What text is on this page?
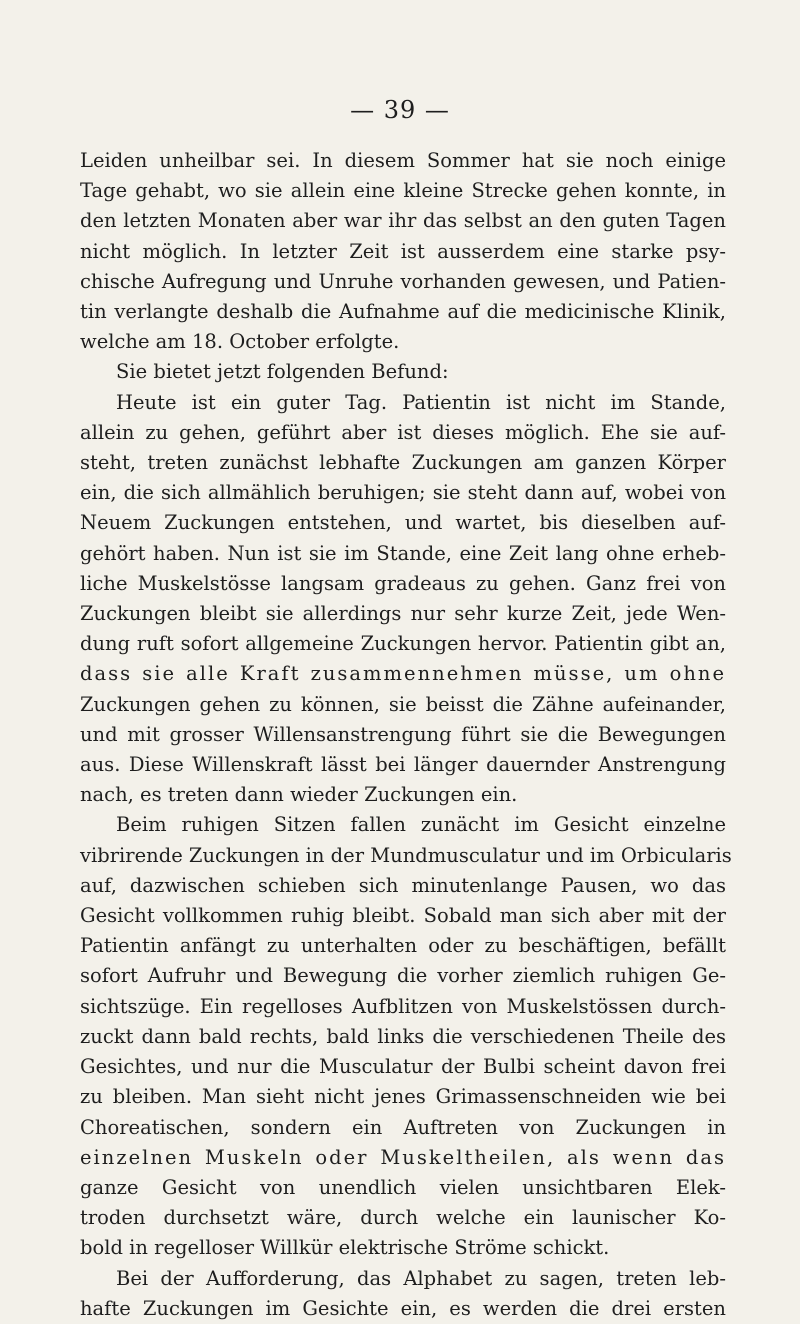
— 39 —
Leiden unheilbar sei. In diesem Sommer hat sie noch einige
Tage gehabt, wo sie allein eine kleine Strecke gehen konnte, in
den letzten Monaten aber war ihr das selbst an den guten Tagen
nicht möglich. In letzter Zeit ist ausserdem eine starke psy-
chische Aufregung und Unruhe vorhanden gewesen, und Patien-
tin verlangte deshalb die Aufnahme auf die medicinische Klinik,
welche am 18. October erfolgte.
Sie bietet jetzt folgenden Befund:
Heute ist ein guter Tag. Patientin ist nicht im Stande,
allein zu gehen, geführt aber ist dieses möglich. Ehe sie auf-
steht, treten zunächst lebhafte Zuckungen am ganzen Körper
ein, die sich allmählich beruhigen; sie steht dann auf, wobei von
Neuem Zuckungen entstehen, und wartet, bis dieselben auf-
gehört haben. Nun ist sie im Stande, eine Zeit lang ohne erheb-
liche Muskelstösse langsam gradeaus zu gehen. Ganz frei von
Zuckungen bleibt sie allerdings nur sehr kurze Zeit, jede Wen-
dung ruft sofort allgemeine Zuckungen hervor. Patientin gibt an,
dass sie alle Kraft zusammennehmen müsse, um ohne
Zuckungen gehen zu können, sie beisst die Zähne aufeinander,
und mit grosser Willensanstrengung führt sie die Bewegungen
aus. Diese Willenskraft lässt bei länger dauernder Anstrengung
nach, es treten dann wieder Zuckungen ein.
Beim ruhigen Sitzen fallen zunächt im Gesicht einzelne
vibrirende Zuckungen in der Mundmusculatur und im Orbicularis
auf, dazwischen schieben sich minutenlange Pausen, wo das
Gesicht vollkommen ruhig bleibt. Sobald man sich aber mit der
Patientin anfängt zu unterhalten oder zu beschäftigen, befällt
sofort Aufruhr und Bewegung die vorher ziemlich ruhigen Ge-
sichtszüge. Ein regelloses Aufblitzen von Muskelstössen durch-
zuckt dann bald rechts, bald links die verschiedenen Theile des
Gesichtes, und nur die Musculatur der Bulbi scheint davon frei
zu bleiben. Man sieht nicht jenes Grimassenschneiden wie bei
Choreatischen, sondern ein Auftreten von Zuckungen in
einzelnen Muskeln oder Muskeltheilen, als wenn das
ganze Gesicht von unendlich vielen unsichtbaren Elek-
troden durchsetzt wäre, durch welche ein launischer Ko-
bold in regelloser Willkür elektrische Ströme schickt.
Bei der Aufforderung, das Alphabet zu sagen, treten leb-
hafte Zuckungen im Gesichte ein, es werden die drei ersten
